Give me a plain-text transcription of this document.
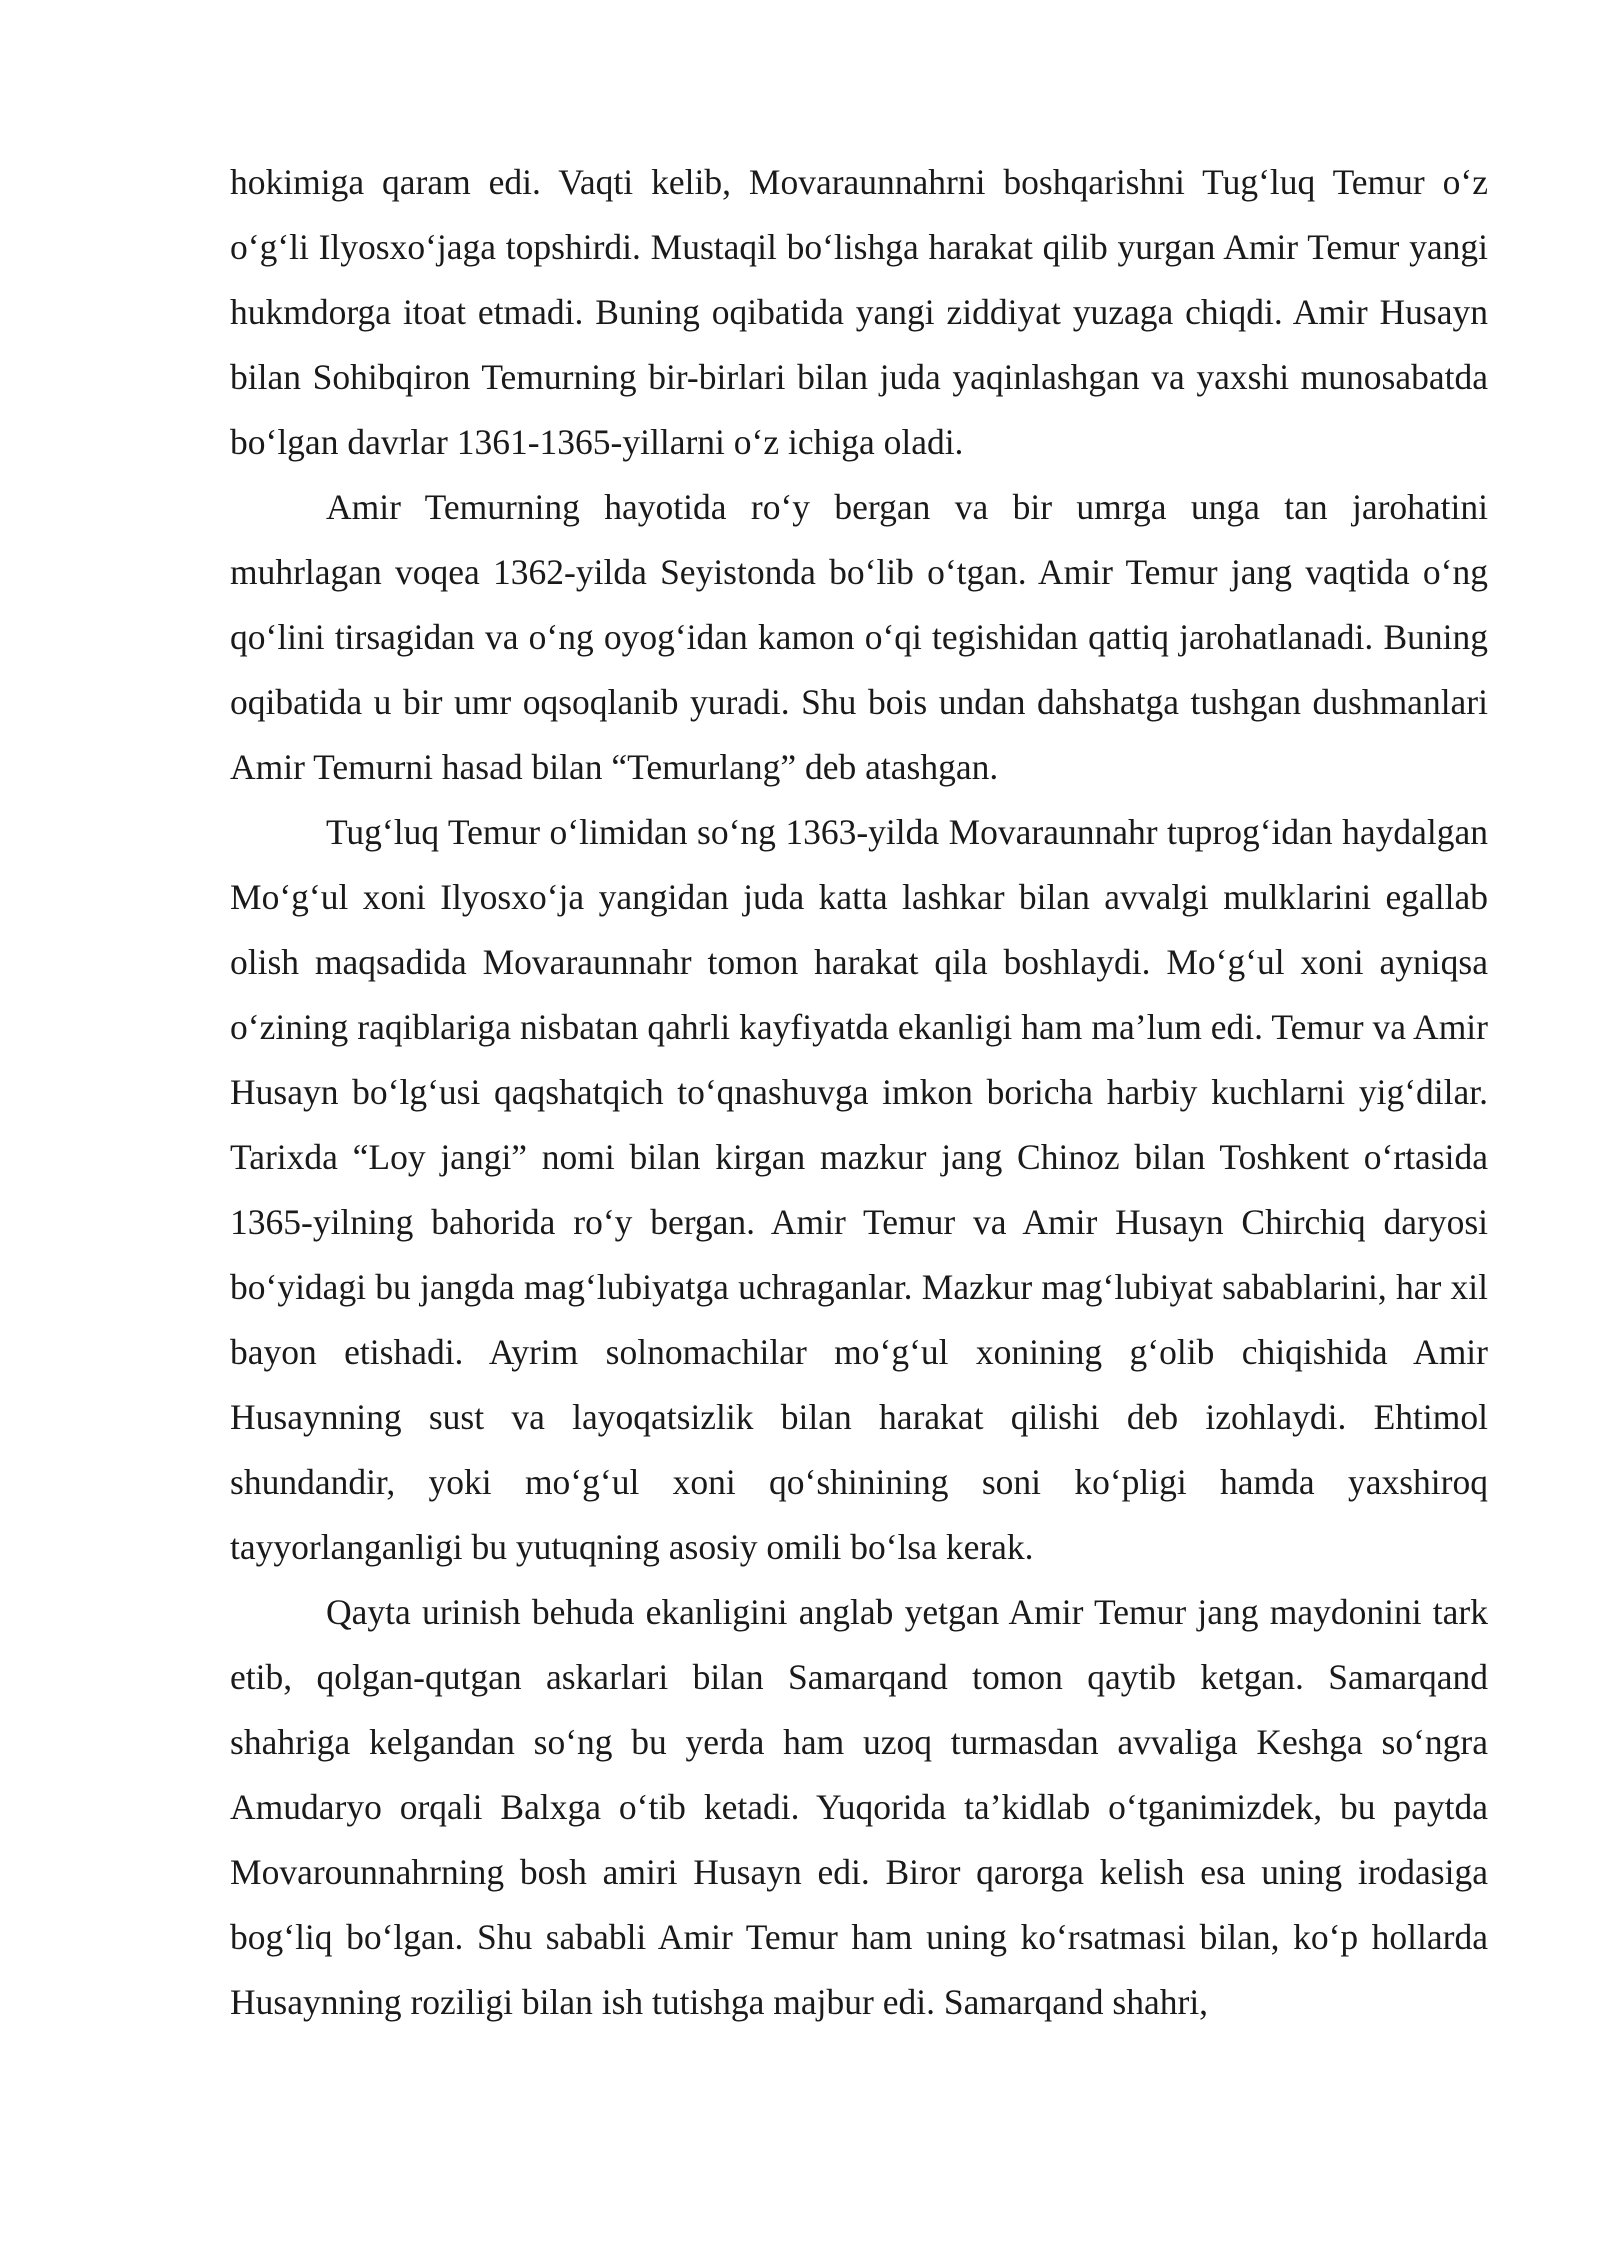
hokimiga qaram edi. Vaqti kelib, Movaraunnahrni boshqarishni Tug‘luq Temur o‘z o‘g‘li Ilyosxo‘jaga topshirdi. Mustaqil bo‘lishga harakat qilib yurgan Amir Temur yangi hukmdorga itoat etmadi. Buning oqibatida yangi ziddiyat yuzaga chiqdi. Amir Husayn bilan Sohibqiron Temurning bir-birlari bilan juda yaqinlashgan va yaxshi munosabatda bo‘lgan davrlar 1361-1365-yillarni o‘z ichiga oladi.

Amir Temurning hayotida ro‘y bergan va bir umrga unga tan jarohatini muhrlagan voqea 1362-yilda Seyistonda bo‘lib o‘tgan. Amir Temur jang vaqtida o‘ng qo‘lini tirsagidan va o‘ng oyog‘idan kamon o‘qi tegishidan qattiq jarohatlanadi. Buning oqibatida u bir umr oqsoqlanib yuradi. Shu bois undan dahshatga tushgan dushmanlari Amir Temurni hasad bilan “Temurlang” deb atashgan.

Tug‘luq Temur o‘limidan so‘ng 1363-yilda Movaraunnahr tuprog‘idan haydalgan Mo‘g‘ul xoni Ilyosxo‘ja yangidan juda katta lashkar bilan avvalgi mulklarini egallab olish maqsadida Movaraunnahr tomon harakat qila boshlaydi. Mo‘g‘ul xoni ayniqsa o‘zining raqiblariga nisbatan qahrli kayfiyatda ekanligi ham ma’lum edi. Temur va Amir Husayn bo‘lg‘usi qaqshatqich to‘qnashuvga imkon boricha harbiy kuchlarni yig‘dilar. Tarixda “Loy jangi” nomi bilan kirgan mazkur jang Chinoz bilan Toshkent o‘rtasida 1365-yilning bahorida ro‘y bergan. Amir Temur va Amir Husayn Chirchiq daryosi bo‘yidagi bu jangda mag‘lubiyatga uchraganlar. Mazkur mag‘lubiyat sabablarini, har xil bayon etishadi. Ayrim solnomachilar mo‘g‘ul xonining g‘olib chiqishida Amir Husaynning sust va layoqatsizlik bilan harakat qilishi deb izohlaydi. Ehtimol shundandir, yoki mo‘g‘ul xoni qo‘shinining soni ko‘pligi hamda yaxshiroq tayyorlanganligi bu yutuqning asosiy omili bo‘lsa kerak.

Qayta urinish behuda ekanligini anglab yetgan Amir Temur jang maydonini tark etib, qolgan-qutgan askarlari bilan Samarqand tomon qaytib ketgan. Samarqand shahriga kelgandan so‘ng bu yerda ham uzoq turmasdan avvaliga Keshga so‘ngra Amudaryo orqali Balxga o‘tib ketadi. Yuqorida ta’kidlab o‘tganimizdek, bu paytda Movarounnahrning bosh amiri Husayn edi. Biror qarorga kelish esa uning irodasiga bog‘liq bo‘lgan. Shu sababli Amir Temur ham uning ko‘rsatmasi bilan, ko‘p hollarda Husaynning roziligi bilan ish tutishga majbur edi. Samarqand shahri,
